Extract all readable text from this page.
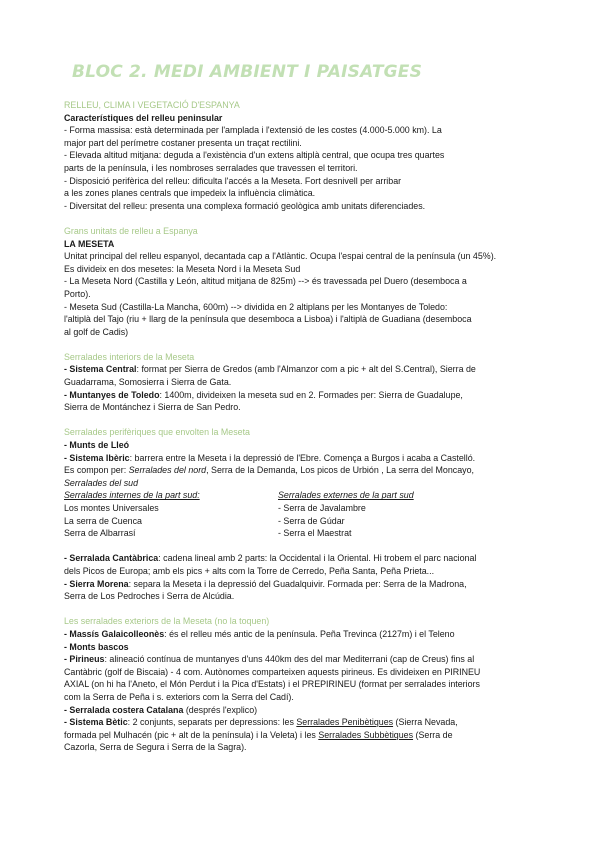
BLOC 2. MEDI AMBIENT I PAISATGES
RELLEU, CLIMA I VEGETACIÓ D'ESPANYA
Característiques del relleu peninsular
- Forma massisa: està determinada per l'amplada i l'extensió de les costes (4.000-5.000 km). La
major part del perímetre costaner presenta un traçat rectilini.
- Elevada altitud mitjana: deguda a l'existència d'un extens altiplà central, que ocupa tres quartes
parts de la península, i les nombroses serralades que travessen el territori.
- Disposició perifèrica del relleu: dificulta l'accés a la Meseta. Fort desnivell per arribar
a les zones planes centrals que impedeix la influència climàtica.
- Diversitat del relleu: presenta una complexa formació geològica amb unitats diferenciades.
Grans unitats de relleu a Espanya
LA MESETA
Unitat principal del relleu espanyol, decantada cap a l'Atlàntic. Ocupa l'espai central de la península (un 45%).
Es divideix en dos mesetes: la Meseta Nord i la Meseta Sud
- La Meseta Nord (Castilla y León, altitud mitjana de 825m) --> és travessada pel Duero (desemboca a
Porto).
- Meseta Sud (Castilla-La Mancha, 600m) --> dividida en 2 altiplans per les Montanyes de Toledo:
l'altiplà del Tajo (riu + llarg de la península que desemboca a Lisboa) i l'altiplà de Guadiana (desemboca
al golf de Cadis)
Serralades interiors de la Meseta
- Sistema Central: format per Sierra de Gredos (amb l'Almanzor com a pic + alt del S.Central), Sierra de
Guadarrama, Somosierra i Sierra de Gata.
- Muntanyes de Toledo: 1400m, divideixen la meseta sud en 2. Formades per: Sierra de Guadalupe,
Sierra de Montánchez i Sierra de San Pedro.
Serralades perifèriques que envolten la Meseta
- Munts de Lleó
- Sistema Ibèric: barrera entre la Meseta i la depressió de l'Ebre. Comença a Burgos i acaba a Castelló.
Es compon per: Serralades del nord, Serra de la Demanda, Los picos de Urbión , La serra del Moncayo,
Serralades del sud
Serralades internes de la part sud:	Serralades externes de la part sud
Los montes Universales	- Serra de Javalambre
La serra de Cuenca	- Serra de Gúdar
Serra de Albarrasí	- Serra el Maestrat
- Serralada Cantàbrica: cadena lineal amb 2 parts: la Occidental i la Oriental. Hi trobem el parc nacional
dels Picos de Europa; amb els pics + alts com la Torre de Cerredo, Peña Santa, Peña Prieta...
- Sierra Morena: separa la Meseta i la depressió del Guadalquivir. Formada per: Serra de la Madrona,
Serra de Los Pedroches i Serra de Alcúdia.
Les serralades exteriors de la Meseta (no la toquen)
- Massís Galaicolleonès: és el relleu més antic de la península. Peña Trevinca (2127m) i el Teleno
- Monts bascos
- Pirineus: alineació contínua de muntanyes d'uns 440km des del mar Mediterrani (cap de Creus) fins al
Cantàbric (golf de Biscaia) - 4 com. Autònomes comparteixen aquests pirineus. Es divideixen en PIRINEU
AXIAL (on hi ha l'Aneto, el Món Perdut i la Pica d'Estats) i el PREPIRINEU (format per serralades interiors
com la Serra de Peña i s. exteriors com la Serra del Cadí).
- Serralada costera Catalana (després l'explico)
- Sistema Bètic: 2 conjunts, separats per depressions: les Serralades Penibètiques (Sierra Nevada,
formada pel Mulhacén (pic + alt de la península) i la Veleta) i les Serralades Subbètiques (Serra de
Cazorla, Serra de Segura i Serra de la Sagra).
